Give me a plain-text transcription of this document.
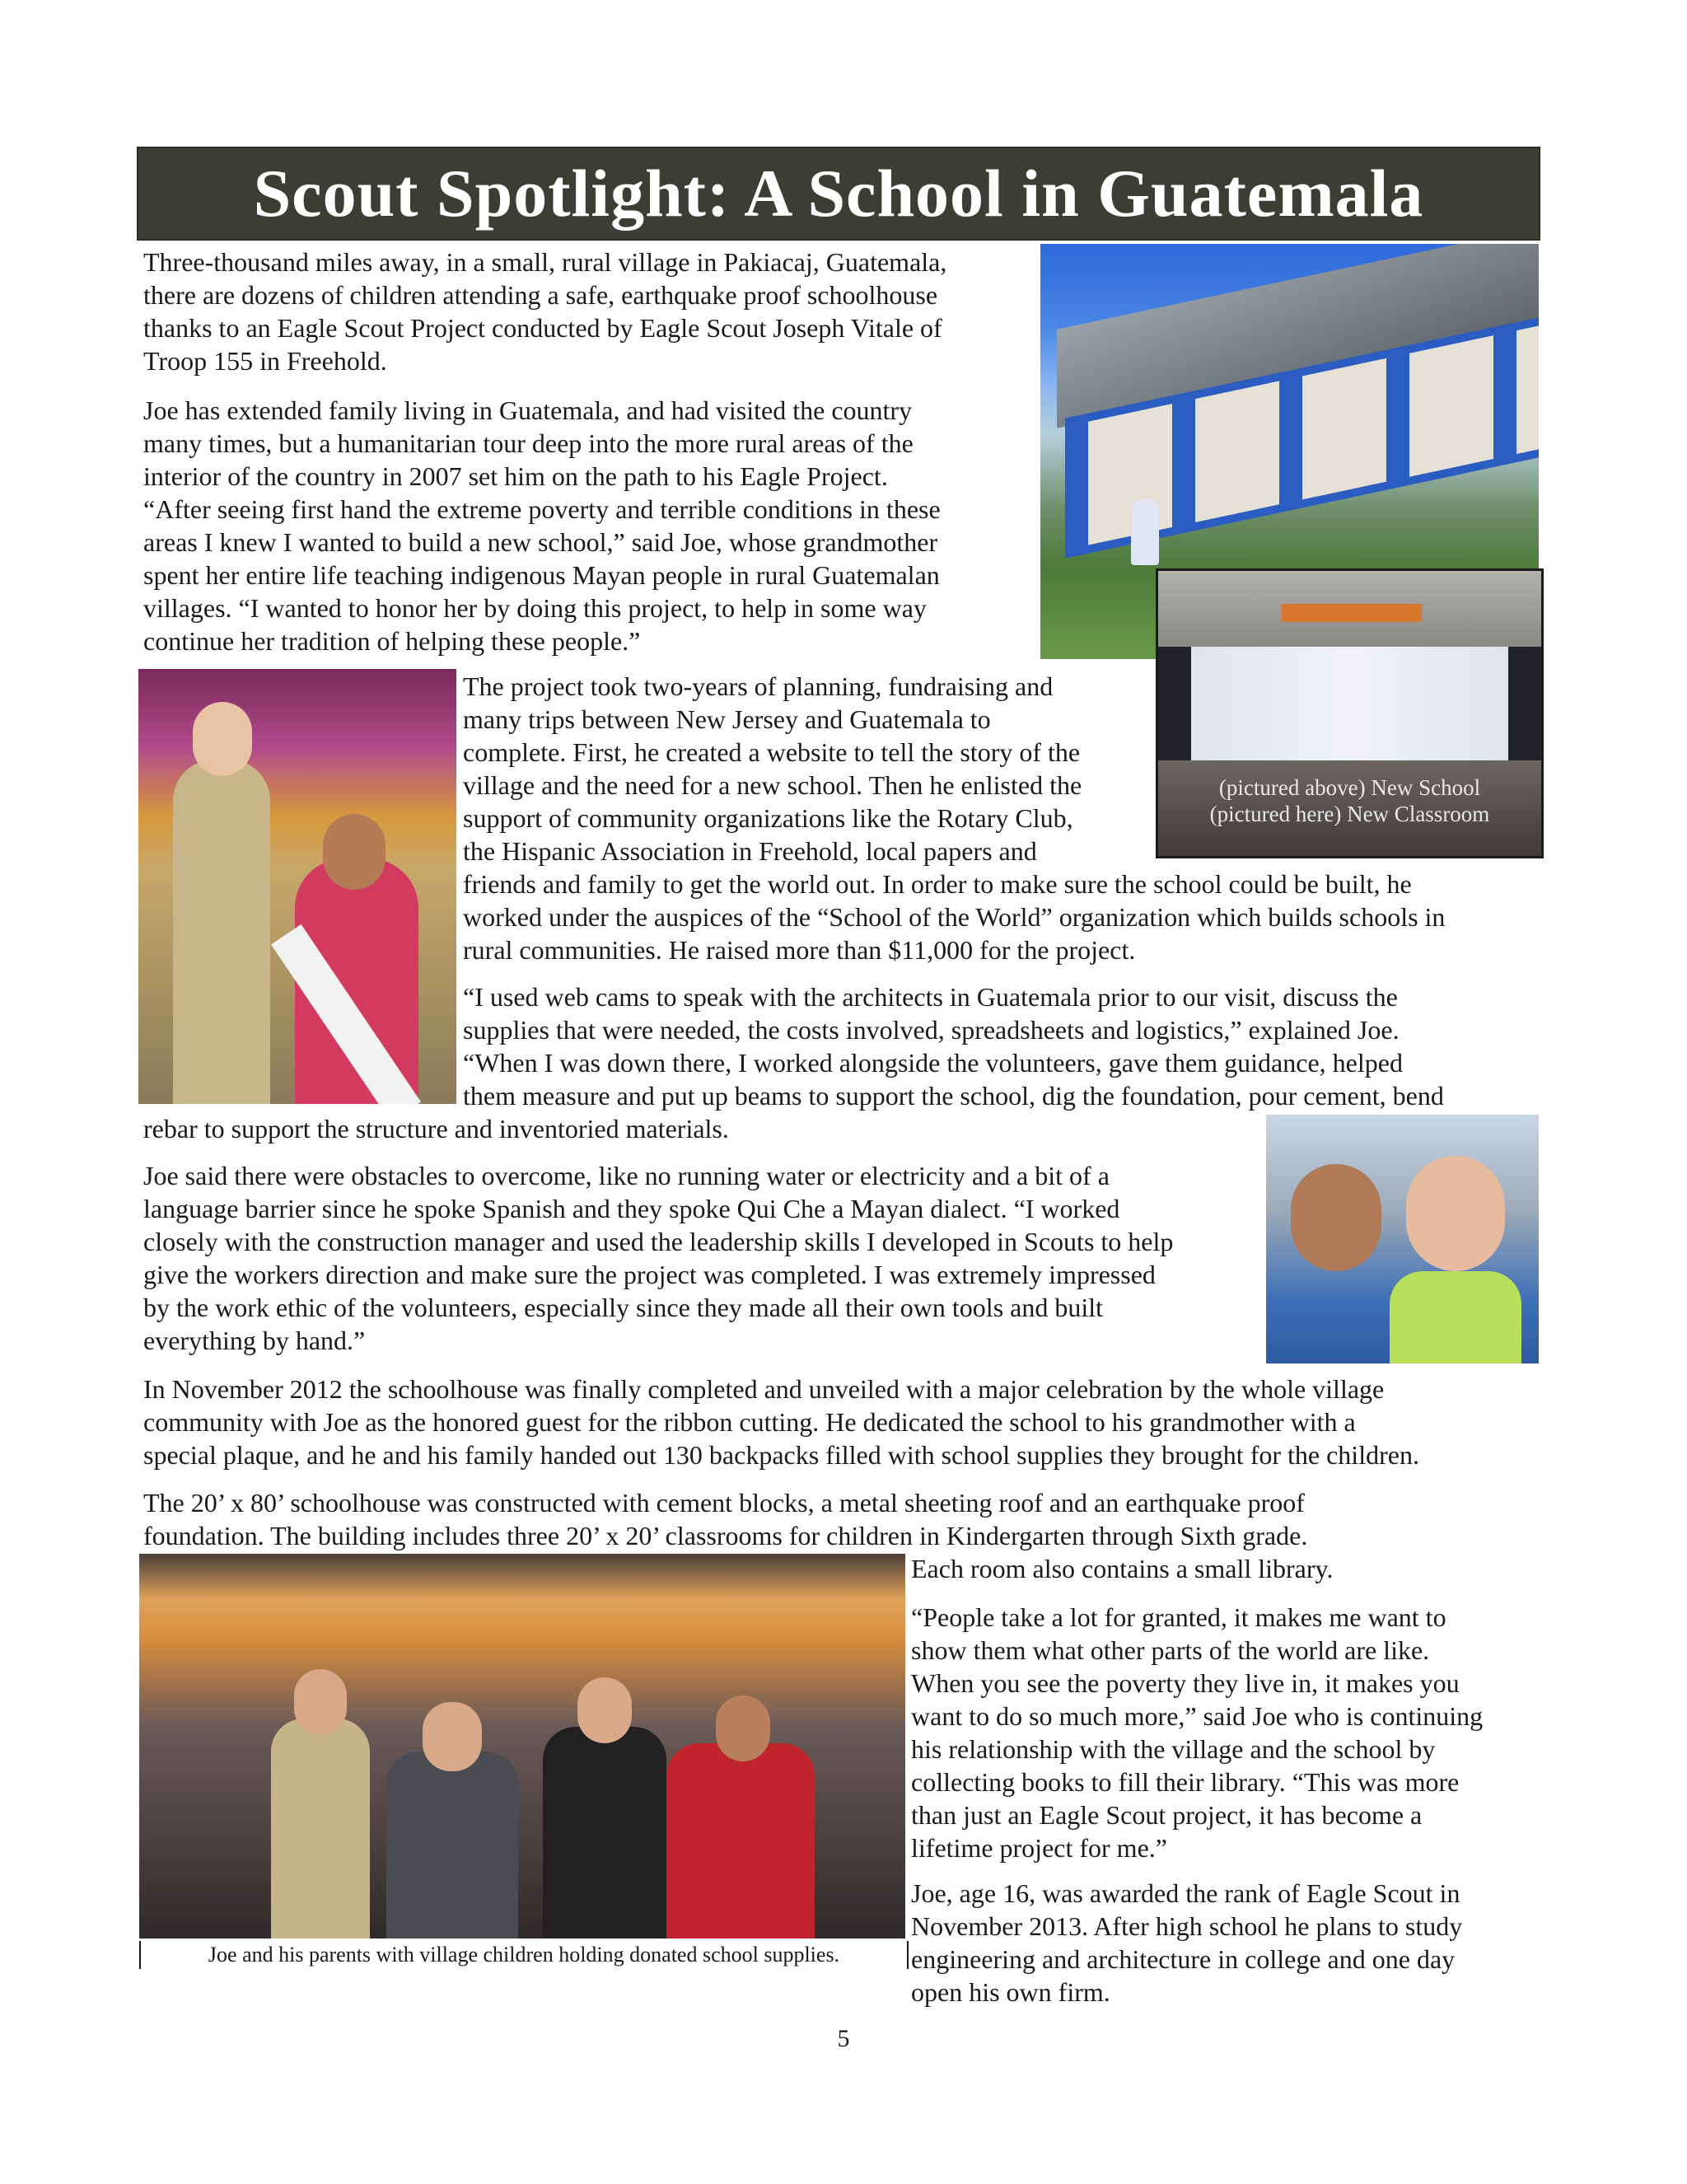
Scout Spotlight: A School in Guatemala
(pictured above) New School
(pictured here) New Classroom
Joe and his parents with village children holding donated school supplies.
Three-thousand miles away, in a small, rural village in Pakiacaj, Guatemala,
there are dozens of children attending a safe, earthquake proof schoolhouse
thanks to an Eagle Scout Project conducted by Eagle Scout Joseph Vitale of
Troop 155 in Freehold.
Joe has extended family living in Guatemala, and had visited the country
many times, but a humanitarian tour deep into the more rural areas of the
interior of the country in 2007 set him on the path to his Eagle Project.
“After seeing first hand the extreme poverty and terrible conditions in these
areas I knew I wanted to build a new school,” said Joe, whose grandmother
spent her entire life teaching indigenous Mayan people in rural Guatemalan
villages. “I wanted to honor her by doing this project, to help in some way
continue her tradition of helping these people.”
The project took two-years of planning, fundraising and
many trips between New Jersey and Guatemala to
complete. First, he created a website to tell the story of the
village and the need for a new school. Then he enlisted the
support of community organizations like the Rotary Club,
the Hispanic Association in Freehold, local papers and
friends and family to get the world out. In order to make sure the school could be built, he
worked under the auspices of the “School of the World” organization which builds schools in
rural communities. He raised more than $11,000 for the project.
“I used web cams to speak with the architects in Guatemala prior to our visit, discuss the
supplies that were needed, the costs involved, spreadsheets and logistics,” explained Joe.
“When I was down there, I worked alongside the volunteers, gave them guidance, helped
them measure and put up beams to support the school, dig the foundation, pour cement, bend
rebar to support the structure and inventoried materials.
Joe said there were obstacles to overcome, like no running water or electricity and a bit of a
language barrier since he spoke Spanish and they spoke Qui Che a Mayan dialect. “I worked
closely with the construction manager and used the leadership skills I developed in Scouts to help
give the workers direction and make sure the project was completed. I was extremely impressed
by the work ethic of the volunteers, especially since they made all their own tools and built
everything by hand.”
In November 2012 the schoolhouse was finally completed and unveiled with a major celebration by the whole village
community with Joe as the honored guest for the ribbon cutting. He dedicated the school to his grandmother with a
special plaque, and he and his family handed out 130 backpacks filled with school supplies they brought for the children.
The 20’ x 80’ schoolhouse was constructed with cement blocks, a metal sheeting roof and an earthquake proof
foundation. The building includes three 20’ x 20’ classrooms for children in Kindergarten through Sixth grade.
Each room also contains a small library.
“People take a lot for granted, it makes me want to
show them what other parts of the world are like.
When you see the poverty they live in, it makes you
want to do so much more,” said Joe who is continuing
his relationship with the village and the school by
collecting books to fill their library. “This was more
than just an Eagle Scout project, it has become a
lifetime project for me.”
Joe, age 16, was awarded the rank of Eagle Scout in
November 2013. After high school he plans to study
engineering and architecture in college and one day
open his own firm.
5
